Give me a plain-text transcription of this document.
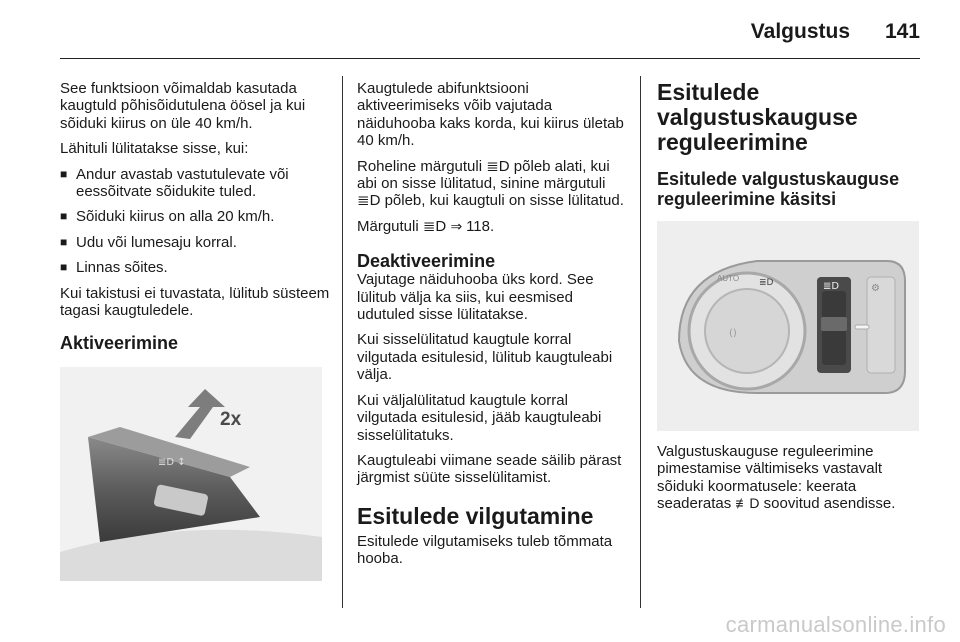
Valgustus 141

See funktsioon võimaldab kasutada kaugtuld põhisõidutulena öösel ja kui sõiduki kiirus on üle 40 km/h.

Lähituli lülitatakse sisse, kui:

■ Andur avastab vastutulevate või eessõitvate sõidukite tuled.
■ Sõiduki kiirus on alla 20 km/h.
■ Udu või lumesaju korral.
■ Linnas sõites.

Kui takistusi ei tuvastata, lülitub süsteem tagasi kaugtuledele.

Aktiveerimine
≣D ↕
2x

Kaugtulede abifunktsiooni aktiveerimiseks võib vajutada näiduhooba kaks korda, kui kiirus ületab 40 km/h.

Roheline märgutuli ≣D põleb alati, kui abi on sisse lülitatud, sinine märgutuli ≣D põleb, kui kaugtuli on sisse lülitatud.

Märgutuli ≣D ⇒ 118.

Deaktiveerimine

Vajutage näiduhooba üks kord. See lülitub välja ka siis, kui eesmised udutuled sisse lülitatakse.

Kui sisselülitatud kaugtule korral vilgutada esitulesid, lülitub kaugtuleabi välja.

Kui väljalülitatud kaugtule korral vilgutada esitulesid, jääb kaugtuleabi sisselülitatuks.

Kaugtuleabi viimane seade säilib pärast järgmist süüte sisselülitamist.

Esitulede vilgutamine

Esitulede vilgutamiseks tuleb tõmmata hooba.

Esitulede valgustuskauguse reguleerimine
Esitulede valgustuskauguse reguleerimine käsitsi
AUTO ≣D
()
≣D	⚙

Valgustuskauguse reguleerimine pimestamise vältimiseks vastavalt sõiduki koormatusele: keerata seaderatas ≢D soovitud asendisse.

carmanualsonline.info
